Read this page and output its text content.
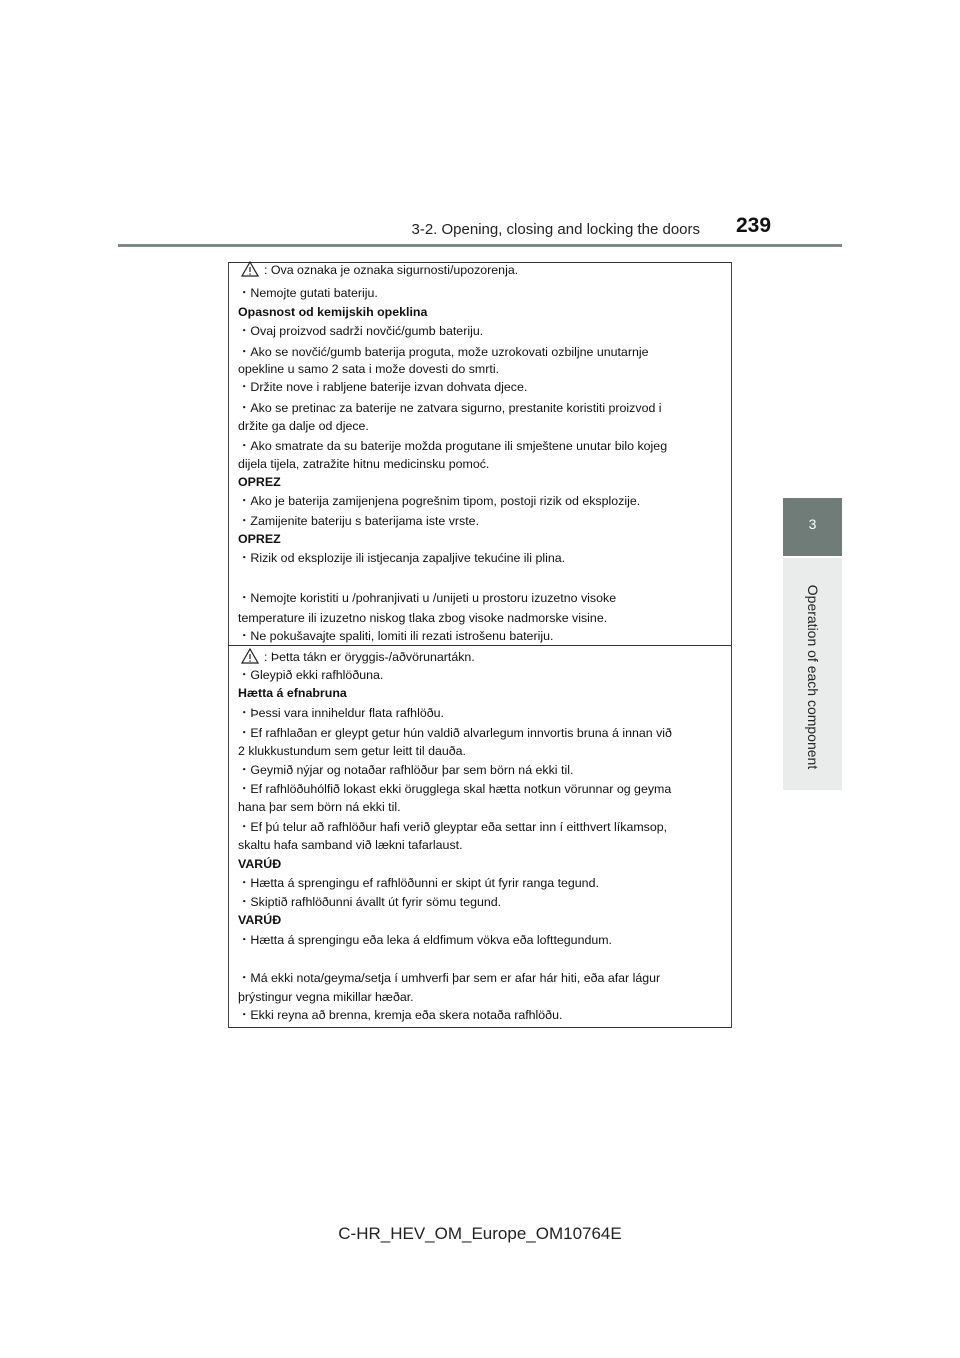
3-2. Opening, closing and locking the doors 239
3
Operation of each component
: Ova oznaka je oznaka sigurnosti/upozorenja.
・Nemojte gutati bateriju.
Opasnost od kemijskih opeklina
・Ovaj proizvod sadrži novčić/gumb bateriju.
・Ako se novčić/gumb baterija proguta, može uzrokovati ozbiljne unutarnje
opekline u samo 2 sata i može dovesti do smrti.
・Držite nove i rabljene baterije izvan dohvata djece.
・Ako se pretinac za baterije ne zatvara sigurno, prestanite koristiti proizvod i
držite ga dalje od djece.
・Ako smatrate da su baterije možda progutane ili smještene unutar bilo kojeg
dijela tijela, zatražite hitnu medicinsku pomoć.
OPREZ
・Ako je baterija zamijenjena pogrešnim tipom, postoji rizik od eksplozije.
・Zamijenite bateriju s baterijama iste vrste.
OPREZ
・Rizik od eksplozije ili istjecanja zapaljive tekućine ili plina.
・Nemojte koristiti u /pohranjivati u /unijeti u prostoru izuzetno visoke
temperature ili izuzetno niskog tlaka zbog visoke nadmorske visine.
・Ne pokušavajte spaliti, lomiti ili rezati istrošenu bateriju.
: Þetta tákn er öryggis-/aðvörunartákn.
・Gleypið ekki rafhlöðuna.
Hætta á efnabruna
・Þessi vara inniheldur flata rafhlöðu.
・Ef rafhlaðan er gleypt getur hún valdið alvarlegum innvortis bruna á innan við
2 klukkustundum sem getur leitt til dauða.
・Geymið nýjar og notaðar rafhlöður þar sem börn ná ekki til.
・Ef rafhlöðuhólfið lokast ekki örugglega skal hætta notkun vörunnar og geyma
hana þar sem börn ná ekki til.
・Ef þú telur að rafhlöður hafi verið gleyptar eða settar inn í eitthvert líkamsop,
skaltu hafa samband við lækni tafarlaust.
VARÚÐ
・Hætta á sprengingu ef rafhlöðunni er skipt út fyrir ranga tegund.
・Skiptið rafhlöðunni ávallt út fyrir sömu tegund.
VARÚÐ
・Hætta á sprengingu eða leka á eldfimum vökva eða lofttegundum.
・Má ekki nota/geyma/setja í umhverfi þar sem er afar hár hiti, eða afar lágur
þrýstingur vegna mikillar hæðar.
・Ekki reyna að brenna, kremja eða skera notaða rafhlöðu.
C-HR_HEV_OM_Europe_OM10764E
